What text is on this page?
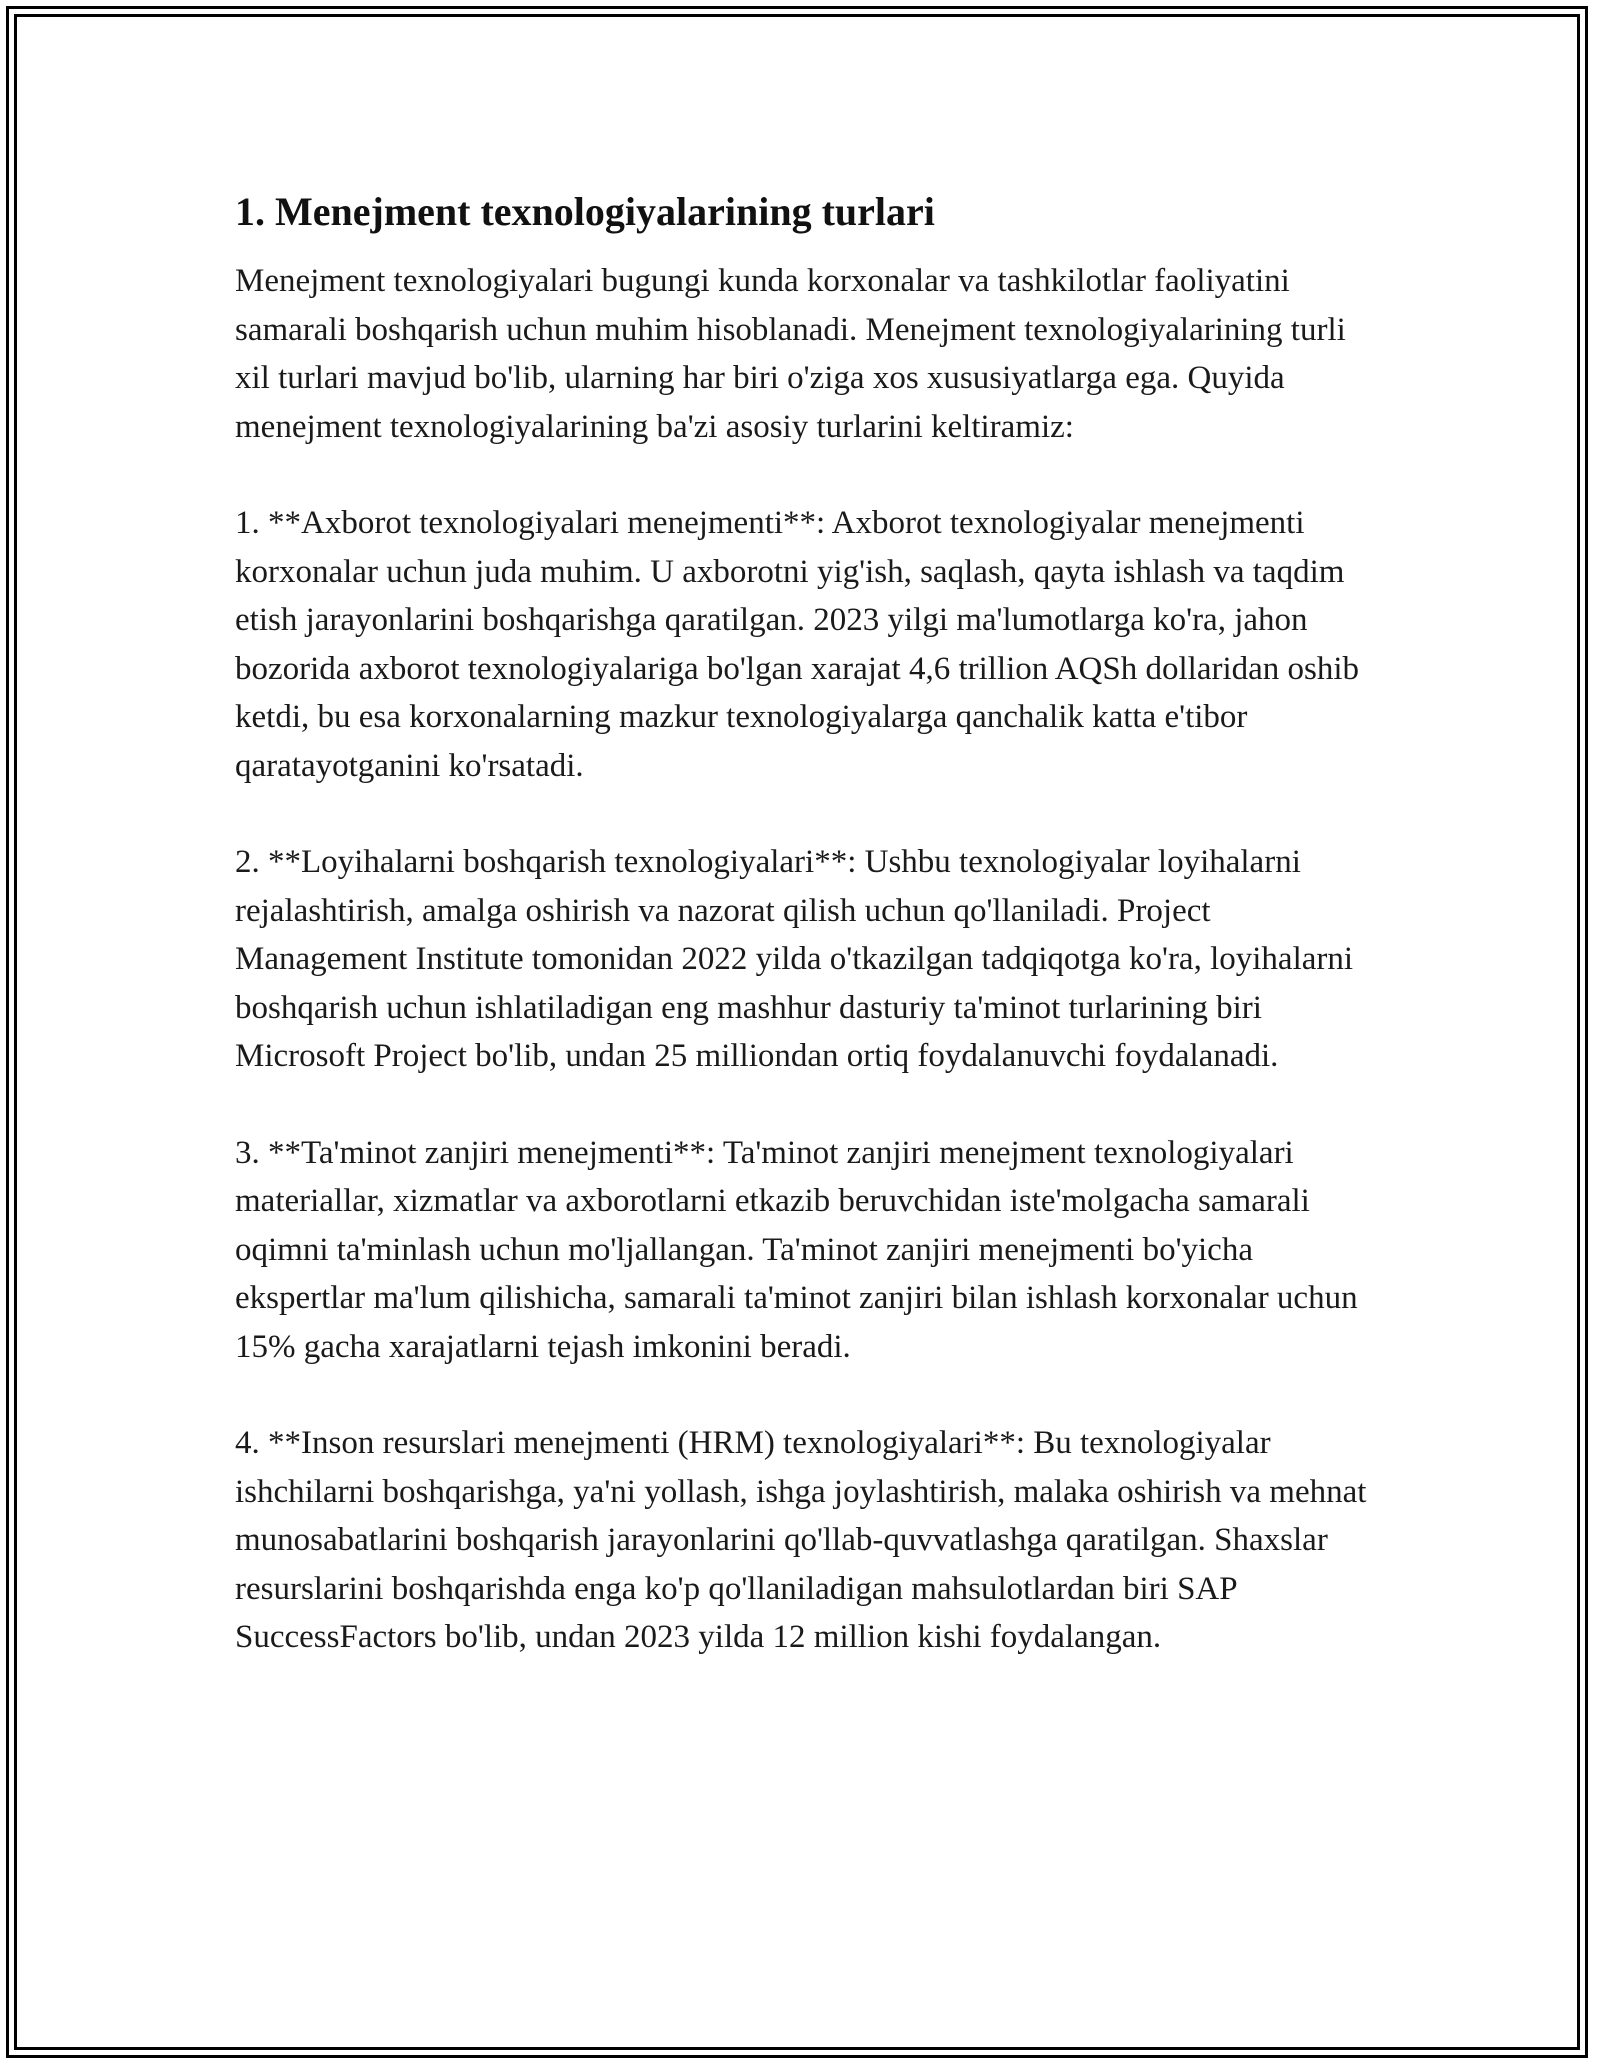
1. Menejment texnologiyalarining turlari

Menejment texnologiyalari bugungi kunda korxonalar va tashkilotlar faoliyatini samarali boshqarish uchun muhim hisoblanadi. Menejment texnologiyalarining turli xil turlari mavjud bo'lib, ularning har biri o'ziga xos xususiyatlarga ega. Quyida menejment texnologiyalarining ba'zi asosiy turlarini keltiramiz:

1. **Axborot texnologiyalari menejmenti**: Axborot texnologiyalar menejmenti korxonalar uchun juda muhim. U axborotni yig'ish, saqlash, qayta ishlash va taqdim etish jarayonlarini boshqarishga qaratilgan. 2023 yilgi ma'lumotlarga ko'ra, jahon bozorida axborot texnologiyalariga bo'lgan xarajat 4,6 trillion AQSh dollaridan oshib ketdi, bu esa korxonalarning mazkur texnologiyalarga qanchalik katta e'tibor qaratayotganini ko'rsatadi.

2. **Loyihalarni boshqarish texnologiyalari**: Ushbu texnologiyalar loyihalarni rejalashtirish, amalga oshirish va nazorat qilish uchun qo'llaniladi. Project Management Institute tomonidan 2022 yilda o'tkazilgan tadqiqotga ko'ra, loyihalarni boshqarish uchun ishlatiladigan eng mashhur dasturiy ta'minot turlarining biri Microsoft Project bo'lib, undan 25 milliondan ortiq foydalanuvchi foydalanadi.

3. **Ta'minot zanjiri menejmenti**: Ta'minot zanjiri menejment texnologiyalari materiallar, xizmatlar va axborotlarni etkazib beruvchidan iste'molgacha samarali oqimni ta'minlash uchun mo'ljallangan. Ta'minot zanjiri menejmenti bo'yicha ekspertlar ma'lum qilishicha, samarali ta'minot zanjiri bilan ishlash korxonalar uchun 15% gacha xarajatlarni tejash imkonini beradi.

4. **Inson resurslari menejmenti (HRM) texnologiyalari**: Bu texnologiyalar ishchilarni boshqarishga, ya'ni yollash, ishga joylashtirish, malaka oshirish va mehnat munosabatlarini boshqarish jarayonlarini qo'llab-quvvatlashga qaratilgan. Shaxslar resurslarini boshqarishda enga ko'p qo'llaniladigan mahsulotlardan biri SAP SuccessFactors bo'lib, undan 2023 yilda 12 million kishi foydalangan.
